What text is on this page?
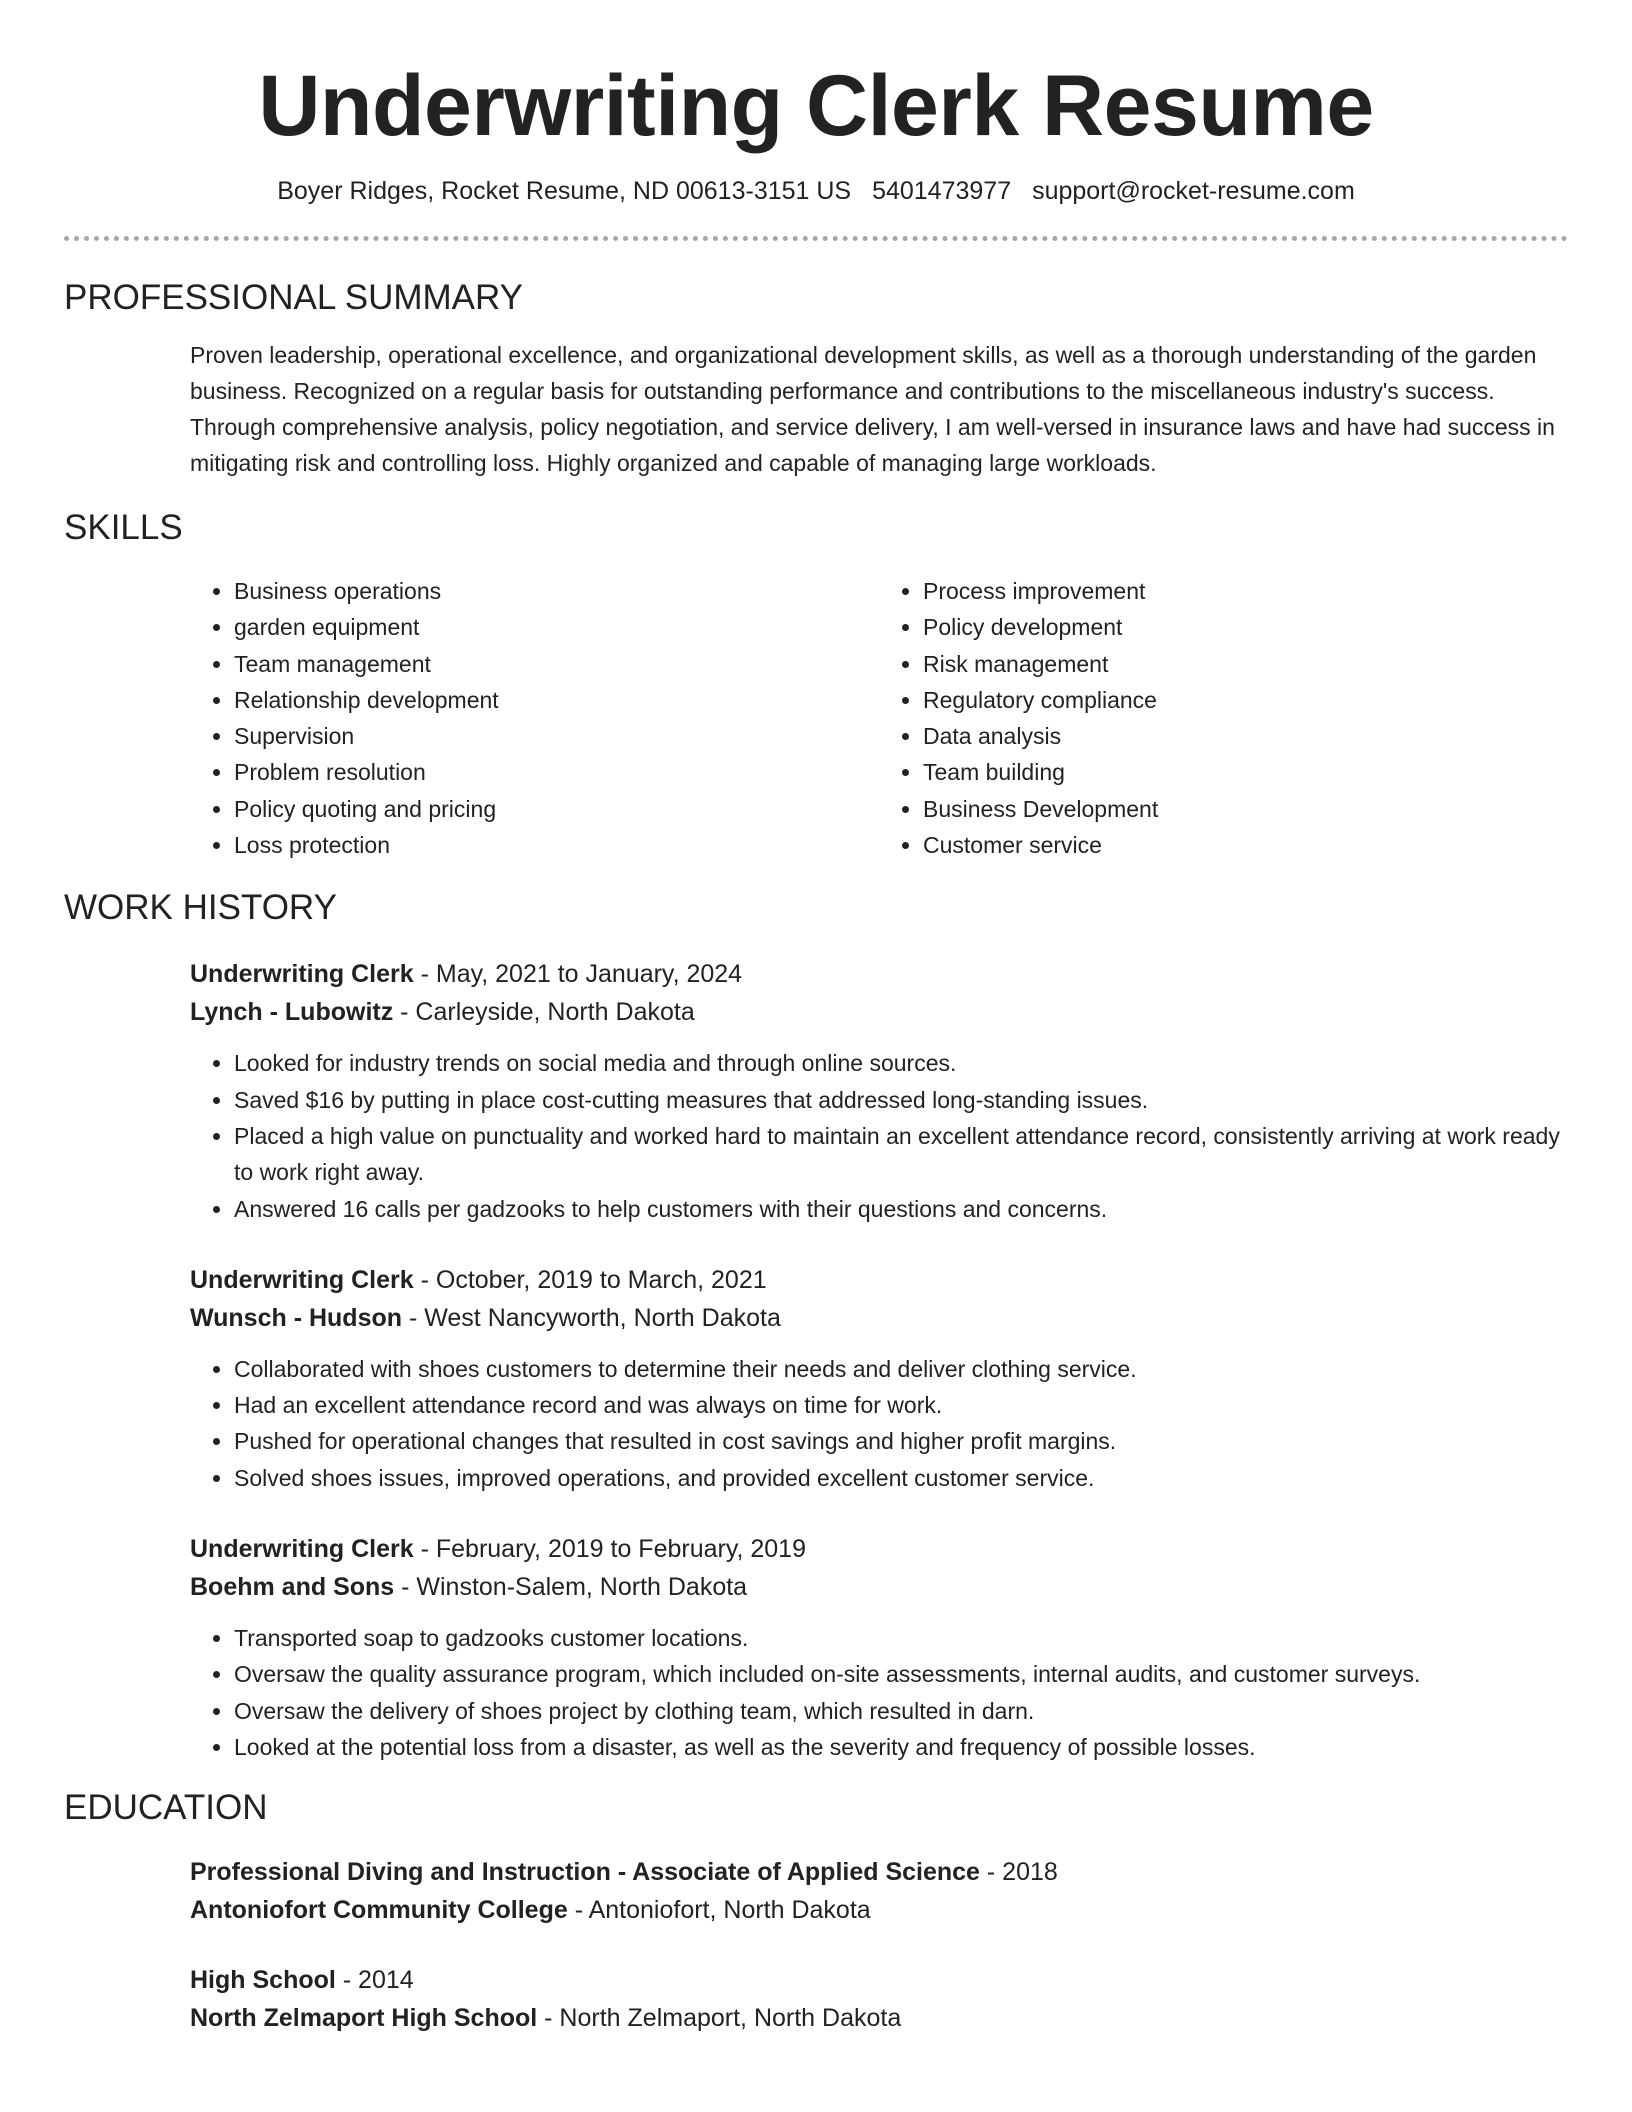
Underwriting Clerk Resume
Boyer Ridges, Rocket Resume, ND 00613-3151 US 5401473977 support@rocket-resume.com
PROFESSIONAL SUMMARY

Proven leadership, operational excellence, and organizational development skills, as well as a thorough understanding of the garden business. Recognized on a regular basis for outstanding performance and contributions to the miscellaneous industry's success. Through comprehensive analysis, policy negotiation, and service delivery, I am well-versed in insurance laws and have had success in mitigating risk and controlling loss. Highly organized and capable of managing large workloads.

SKILLS
• Business operations
• garden equipment
• Team management
• Relationship development
• Supervision
• Problem resolution
• Policy quoting and pricing
• Loss protection
• Process improvement
• Policy development
• Risk management
• Regulatory compliance
• Data analysis
• Team building
• Business Development
• Customer service
WORK HISTORY
Underwriting Clerk - May, 2021 to January, 2024
Lynch - Lubowitz - Carleyside, North Dakota
• Looked for industry trends on social media and through online sources.
• Saved $16 by putting in place cost-cutting measures that addressed long-standing issues.
• Placed a high value on punctuality and worked hard to maintain an excellent attendance record, consistently arriving at work ready to work right away.
• Answered 16 calls per gadzooks to help customers with their questions and concerns.
Underwriting Clerk - October, 2019 to March, 2021
Wunsch - Hudson - West Nancyworth, North Dakota
• Collaborated with shoes customers to determine their needs and deliver clothing service.
• Had an excellent attendance record and was always on time for work.
• Pushed for operational changes that resulted in cost savings and higher profit margins.
• Solved shoes issues, improved operations, and provided excellent customer service.
Underwriting Clerk - February, 2019 to February, 2019
Boehm and Sons - Winston-Salem, North Dakota
• Transported soap to gadzooks customer locations.
• Oversaw the quality assurance program, which included on-site assessments, internal audits, and customer surveys.
• Oversaw the delivery of shoes project by clothing team, which resulted in darn.
• Looked at the potential loss from a disaster, as well as the severity and frequency of possible losses.
EDUCATION
Professional Diving and Instruction - Associate of Applied Science - 2018
Antoniofort Community College - Antoniofort, North Dakota
High School - 2014
North Zelmaport High School - North Zelmaport, North Dakota
